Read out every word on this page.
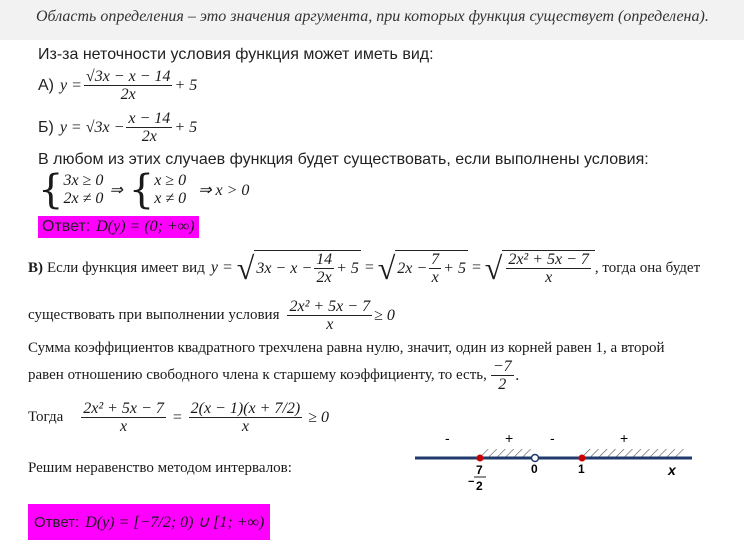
Область определения – это значения аргумента, при которых функция существует (определена).
Из-за неточности условия функция может иметь вид:
А) $y = \frac{√3x - x - 14}{2x} + 5$
Б) $y = √3x - \frac{x - 14}{2x} + 5$
В любом из этих случаев функция будет существовать, если выполнены условия:
{ 3x ≥ 0
2x ≠ 0 ⇒ { x ≥ 0
x ≠ 0 ⇒ x > 0
Ответ: D(y) = (0; +∞)
В) Если функция имеет вид y = √ $3x - x - \frac{14}{2x} + 5$ = √ $2x - \frac{7}{x} + 5$ = √ $\frac{\text{2x² + 5x − 7}}{x}$ , тогда она будет
существовать при выполнении условия $\frac{\text{2x² + 5x − 7}}{x} \ge 0$
Сумма коэффициентов квадратного трехчлена равна нулю, значит, один из корней равен 1, а второй
равен отношению свободного члена к старшему коэффициенту, то есть, $\frac{-7}{2}$ .
Тогда $\frac{\text{2x² + 5x − 7}}{x} = \frac{2(x - 1)(x + 7/2)}{x} \ge 0$
Решим неравенство методом интервалов:
-	+	-	+
−
7
2
0	1	x
Ответ: D(y) = [−7/2; 0) ∪ [1; +∞)
